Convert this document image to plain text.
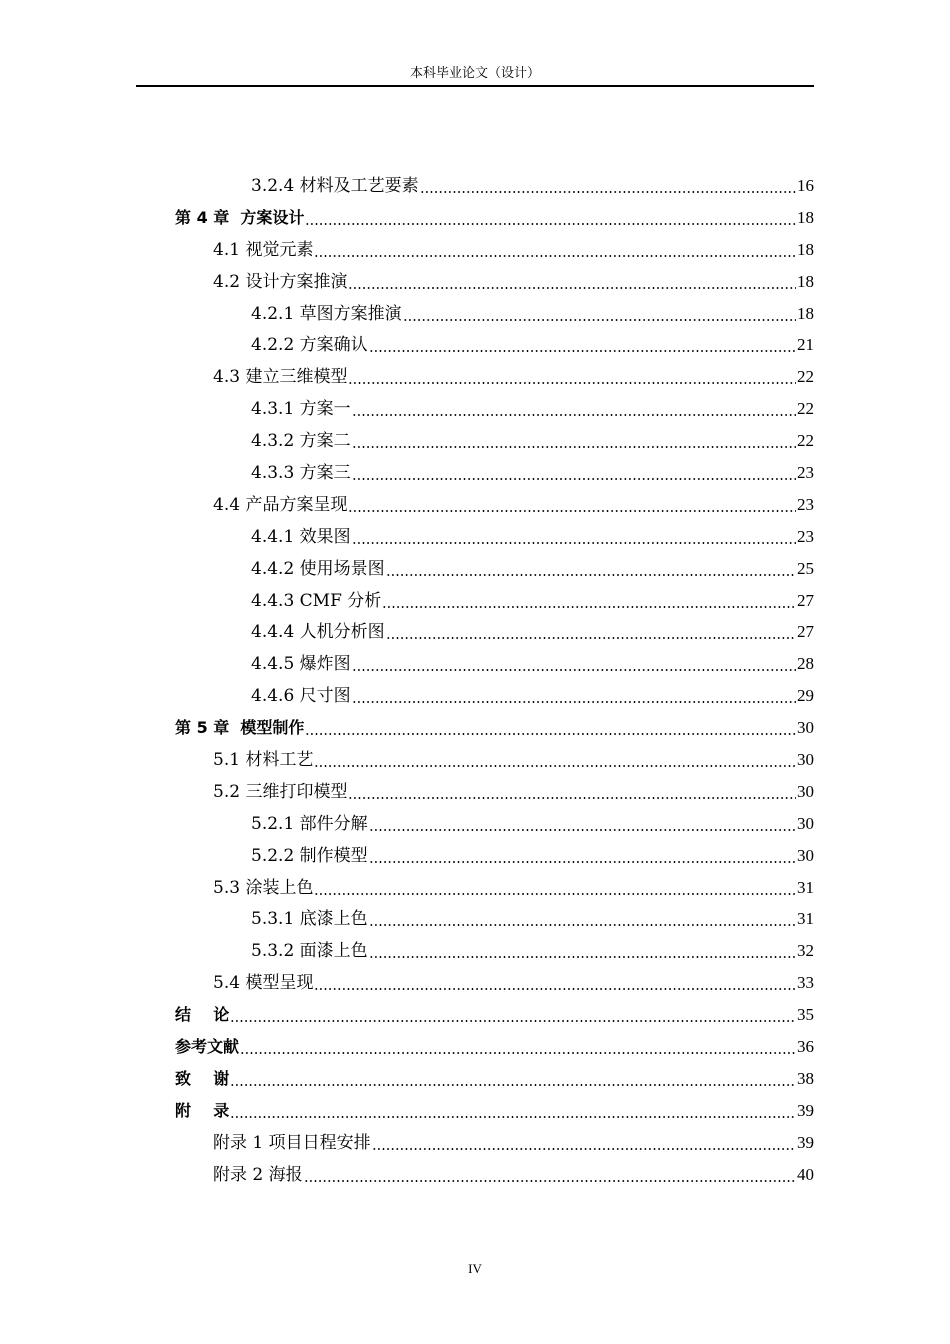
本科毕业论文（设计）
3.2.4 材料及工艺要素	16
第 4 章  方案设计	18
4.1 视觉元素	18
4.2 设计方案推演	18
4.2.1 草图方案推演	18
4.2.2 方案确认	21
4.3 建立三维模型	22
4.3.1 方案一	22
4.3.2 方案二	22
4.3.3 方案三	23
4.4 产品方案呈现	23
4.4.1 效果图	23
4.4.2 使用场景图	25
4.4.3 CMF 分析	27
4.4.4 人机分析图	27
4.4.5 爆炸图	28
4.4.6 尺寸图	29
第 5 章  模型制作	30
5.1 材料工艺	30
5.2 三维打印模型	30
5.2.1 部件分解	30
5.2.2 制作模型	30
5.3 涂装上色	31
5.3.1 底漆上色	31
5.3.2 面漆上色	32
5.4 模型呈现	33
结    论	35
参考文献	36
致    谢	38
附    录	39
附录 1 项目日程安排	39
附录 2 海报	40
IV
